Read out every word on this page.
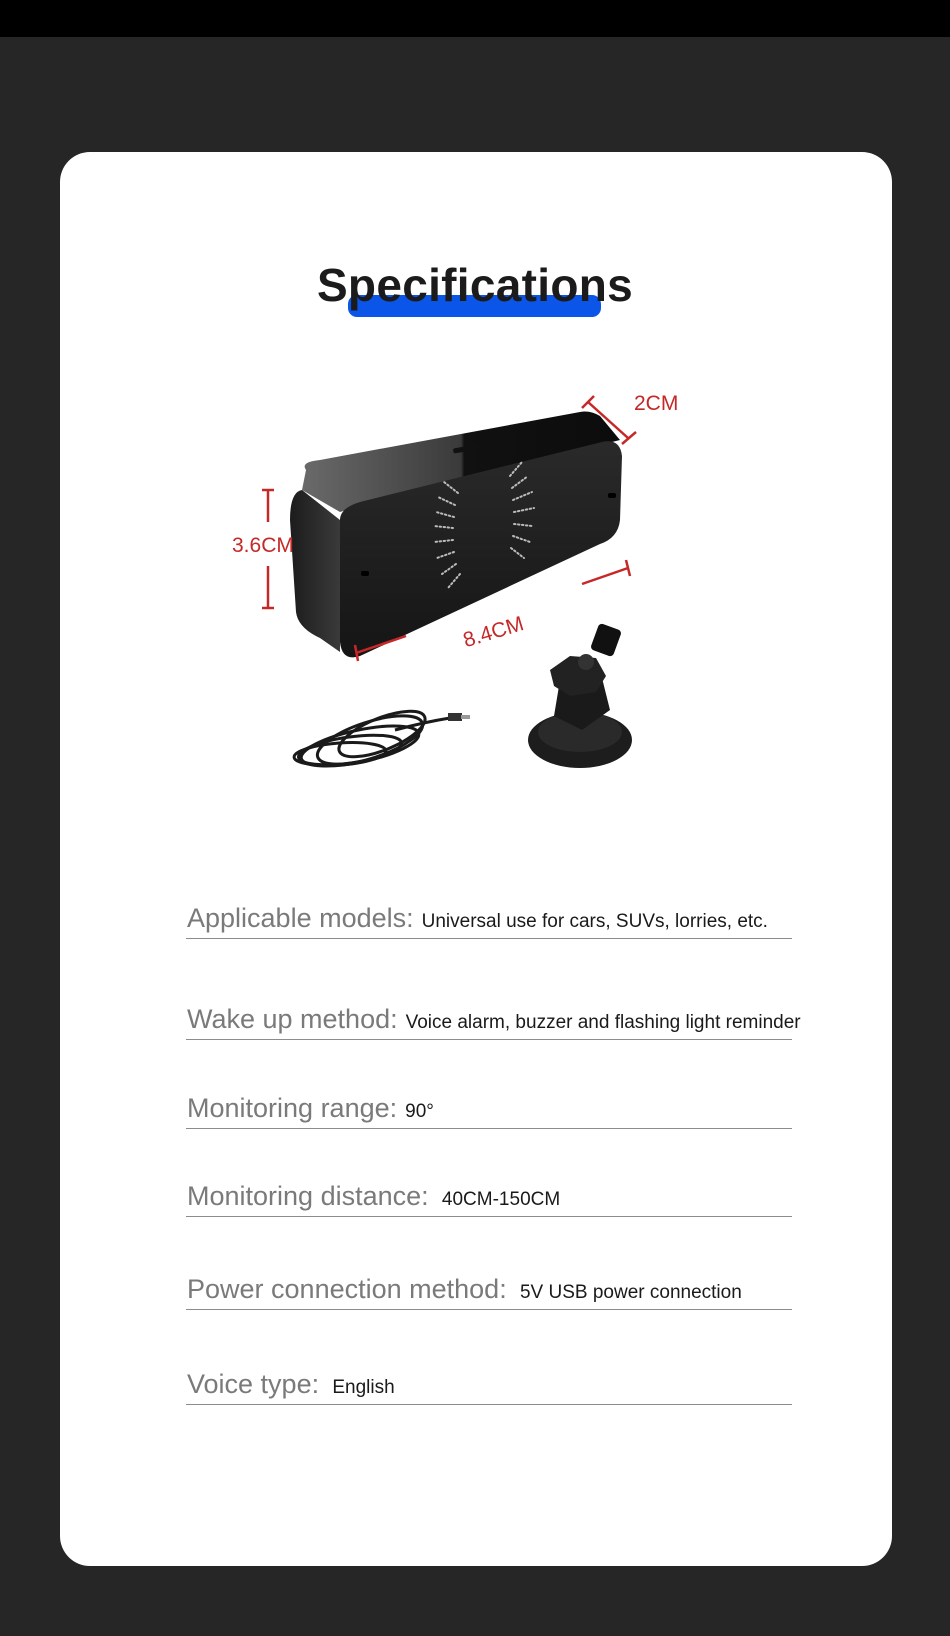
Specifications
2CM
3.6CM
8.4CM
Applicable models: Universal use for cars, SUVs, lorries, etc.
Wake up method: Voice alarm, buzzer and flashing light reminder
Monitoring range: 90°
Monitoring distance: 40CM-150CM
Power connection method: 5V USB power connection
Voice type: English
